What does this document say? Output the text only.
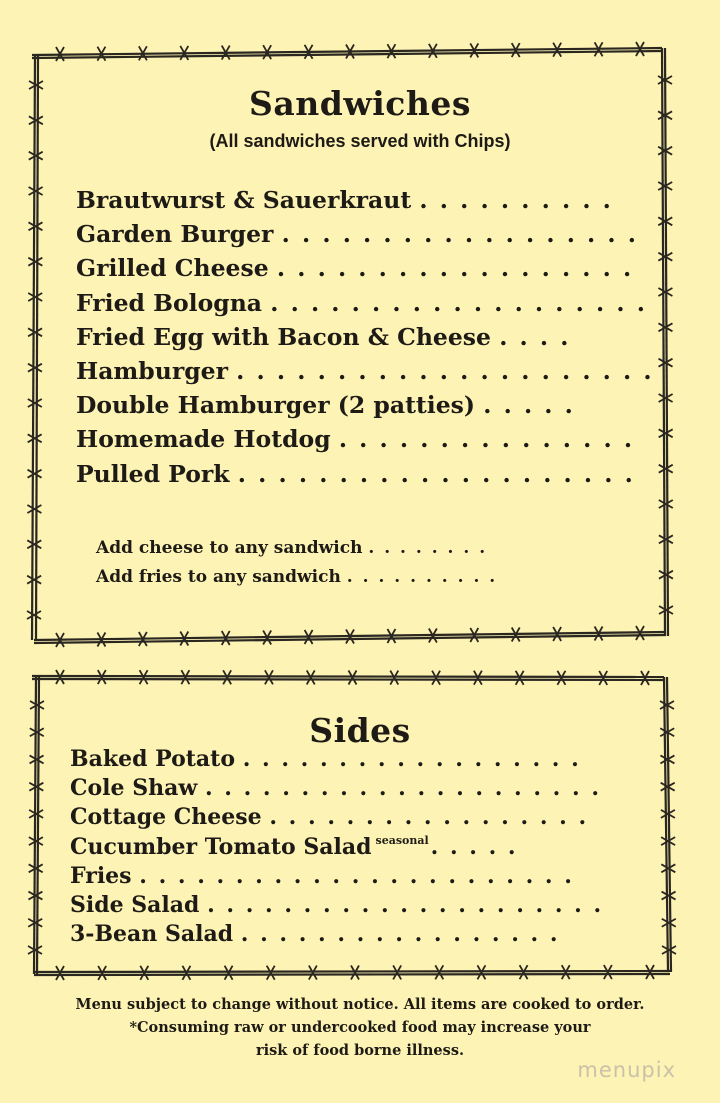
Sandwiches
(All sandwiches served with Chips)
Brautwurst & Sauerkraut . . . . . . . . . .
Garden Burger . . . . . . . . . . . . . . . . . .
Grilled Cheese . . . . . . . . . . . . . . . . . .
Fried Bologna . . . . . . . . . . . . . . . . . . .
Fried Egg with Bacon & Cheese . . . .
Hamburger . . . . . . . . . . . . . . . . . . . . .
Double Hamburger (2 patties) . . . . .
Homemade Hotdog . . . . . . . . . . . . . . .
Pulled Pork . . . . . . . . . . . . . . . . . . . .
Add cheese to any sandwich . . . . . . . .
Add fries to any sandwich . . . . . . . . . .
Sides
Baked Potato . . . . . . . . . . . . . . . . . .
Cole Shaw . . . . . . . . . . . . . . . . . . . . .
Cottage Cheese . . . . . . . . . . . . . . . . .
Cucumber Tomato Salad $^{seasonal}$. . . . .
Fries . . . . . . . . . . . . . . . . . . . . . . .
Side Salad . . . . . . . . . . . . . . . . . . . . .
3-Bean Salad . . . . . . . . . . . . . . . . .
Menu subject to change without notice. All items are cooked to order.
*Consuming raw or undercooked food may increase your
risk of food borne illness.
menupix
